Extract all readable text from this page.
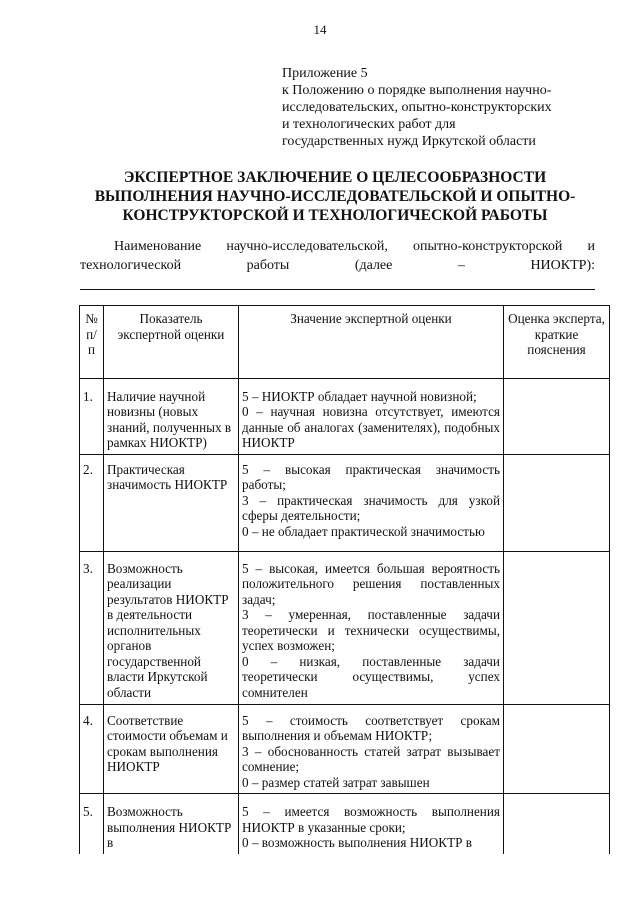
14
Приложение 5
к Положению о порядке выполнения научно-
исследовательских, опытно-конструкторских
и технологических работ для
государственных нужд Иркутской области
ЭКСПЕРТНОЕ ЗАКЛЮЧЕНИЕ О ЦЕЛЕСООБРАЗНОСТИ
ВЫПОЛНЕНИЯ НАУЧНО-ИССЛЕДОВАТЕЛЬСКОЙ И ОПЫТНО-
КОНСТРУКТОРСКОЙ И ТЕХНОЛОГИЧЕСКОЙ РАБОТЫ
Наименование научно-исследовательской, опытно-конструкторской и
технологической	работы	(далее	–	НИОКТР):
№ п/п	Показатель экспертной оценки	Значение экспертной оценки	Оценка эксперта, краткие пояснения
1.	Наличие научной новизны (новых знаний, полученных в рамках НИОКТР)	5 – НИОКТР обладает научной новизной;

0 – научная новизна отсутствует, имеются данные об аналогах (заменителях), подобных НИОКТР	

2.	Практическая значимость НИОКТР	5 – высокая практическая значимость работы;

3 – практическая значимость для узкой сферы деятельности;

0 – не обладает практической значимостью	

3.	Возможность реализации результатов НИОКТР в деятельности исполнительных органов государственной власти Иркутской области	5 – высокая, имеется большая вероятность положительного решения поставленных задач;

3 – умеренная, поставленные задачи теоретически и технически осуществимы, успех возможен;

0 – низкая, поставленные задачи теоретически осуществимы, успех сомнителен	

4.	Соответствие стоимости объемам и срокам выполнения НИОКТР	5 – стоимость соответствует срокам выполнения и объемам НИОКТР;

3 – обоснованность статей затрат вызывает сомнение;

0 – размер статей затрат завышен	

5.	Возможность выполнения НИОКТР в	5 – имеется возможность выполнения НИОКТР в указанные сроки;

0 – возможность выполнения НИОКТР в	
